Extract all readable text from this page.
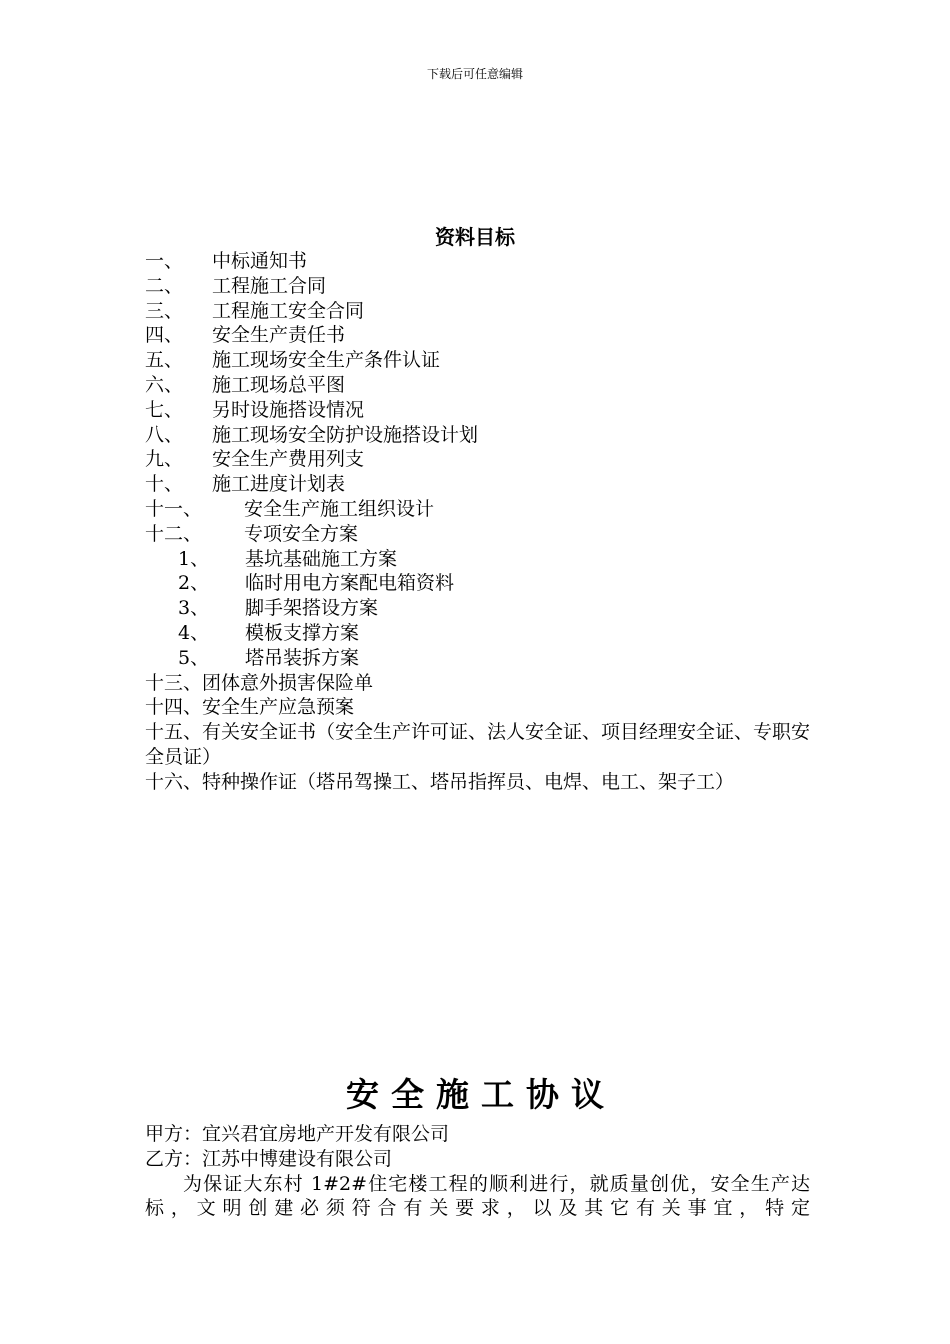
下载后可任意编辑
资料目标
一、 中标通知书
二、 工程施工合同
三、 工程施工安全合同
四、 安全生产责任书
五、 施工现场安全生产条件认证
六、 施工现场总平图
七、 另时设施搭设情况
八、 施工现场安全防护设施搭设计划
九、 安全生产费用列支
十、 施工进度计划表
十一、 安全生产施工组织设计
十二、 专项安全方案
1、 基坑基础施工方案
2、 临时用电方案配电箱资料
3、 脚手架搭设方案
4、 模板支撑方案
5、 塔吊装拆方案
十三、团体意外损害保险单
十四、安全生产应急预案
十五、有关安全证书（安全生产许可证、法人安全证、项目经理安全证、专职安全员证）
十六、特种操作证（塔吊驾操工、塔吊指挥员、电焊、电工、架子工）
安全施工协议
甲方：宜兴君宜房地产开发有限公司
乙方：江苏中博建设有限公司
为保证大东村 1#2#住宅楼工程的顺利进行，就质量创优，安全生产达标，文明创建必须符合有关要求，以及其它有关事宜，特定
